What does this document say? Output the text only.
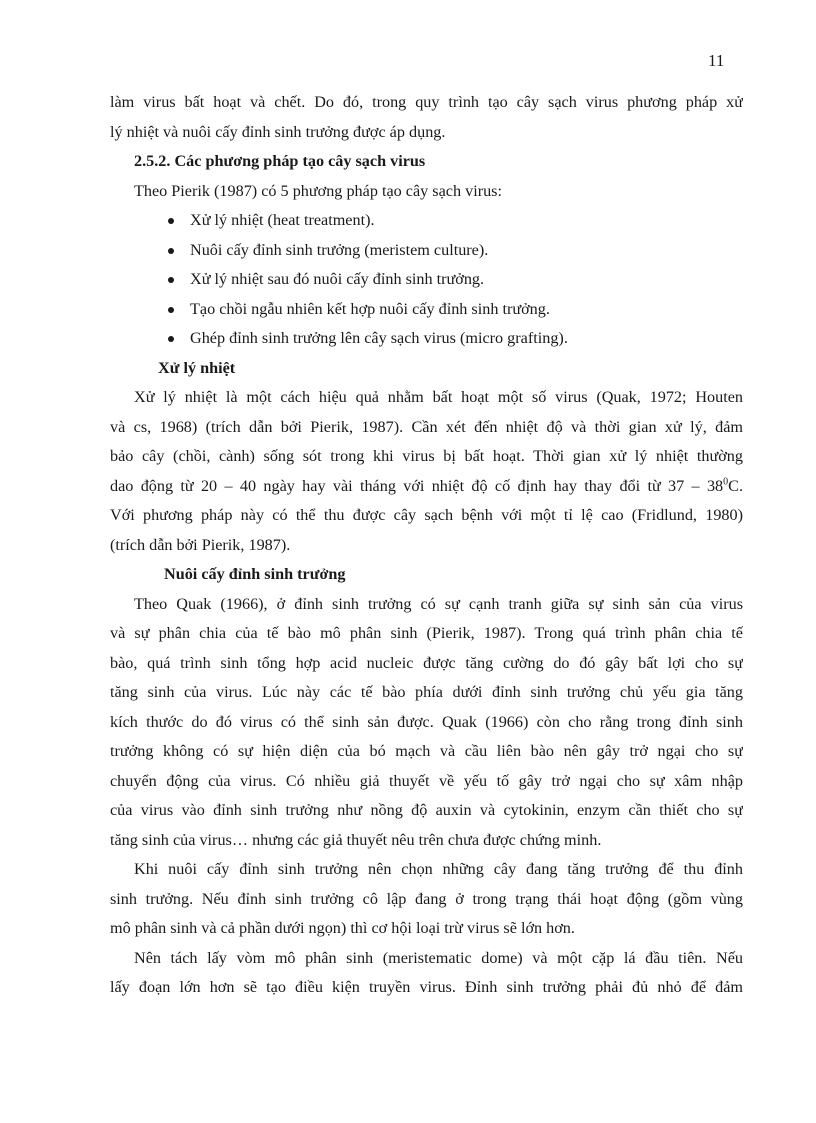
11
làm virus bất hoạt và chết. Do đó, trong quy trình tạo cây sạch virus phương pháp xử
lý nhiệt và nuôi cấy đỉnh sinh trưởng được áp dụng.
2.5.2. Các phương pháp tạo cây sạch virus
Theo Pierik (1987) có 5 phương pháp tạo cây sạch virus:
Xử lý nhiệt (heat treatment).
Nuôi cấy đỉnh sinh trưởng (meristem culture).
Xử lý nhiệt sau đó nuôi cấy đỉnh sinh trưởng.
Tạo chồi ngẫu nhiên kết hợp nuôi cấy đỉnh sinh trưởng.
Ghép đỉnh sinh trưởng lên cây sạch virus (micro grafting).
Xử lý nhiệt
Xử lý nhiệt là một cách hiệu quả nhằm bất hoạt một số virus (Quak, 1972; Houten
và cs, 1968) (trích dẫn bởi Pierik, 1987). Cần xét đến nhiệt độ và thời gian xử lý, đảm
bảo cây (chồi, cành) sống sót trong khi virus bị bất hoạt. Thời gian xử lý nhiệt thường
dao động từ 20 – 40 ngày hay vài tháng với nhiệt độ cố định hay thay đổi từ $37 - 38^0C$.
Với phương pháp này có thể thu được cây sạch bệnh với một tỉ lệ cao (Fridlund, 1980)
(trích dẫn bởi Pierik, 1987).
Nuôi cấy đỉnh sinh trưởng
Theo Quak (1966), ở đỉnh sinh trưởng có sự cạnh tranh giữa sự sinh sản của virus
và sự phân chia của tế bào mô phân sinh (Pierik, 1987). Trong quá trình phân chia tế
bào, quá trình sinh tổng hợp acid nucleic được tăng cường do đó gây bất lợi cho sự
tăng sinh của virus. Lúc này các tế bào phía dưới đỉnh sinh trưởng chủ yếu gia tăng
kích thước do đó virus có thể sinh sản được. Quak (1966) còn cho rằng trong đỉnh sinh
trưởng không có sự hiện diện của bó mạch và cầu liên bào nên gây trở ngại cho sự
chuyển động của virus. Có nhiều giả thuyết về yếu tố gây trở ngại cho sự xâm nhập
của virus vào đỉnh sinh trưởng như nồng độ auxin và cytokinin, enzym cần thiết cho sự
tăng sinh của virus… nhưng các giả thuyết nêu trên chưa được chứng minh.
Khi nuôi cấy đỉnh sinh trưởng nên chọn những cây đang tăng trưởng để thu đỉnh
sinh trưởng. Nếu đỉnh sinh trưởng cô lập đang ở trong trạng thái hoạt động (gồm vùng
mô phân sinh và cả phần dưới ngọn) thì cơ hội loại trừ virus sẽ lớn hơn.
Nên tách lấy vòm mô phân sinh (meristematic dome) và một cặp lá đầu tiên. Nếu
lấy đoạn lớn hơn sẽ tạo điều kiện truyền virus. Đỉnh sinh trưởng phải đủ nhỏ để đảm
